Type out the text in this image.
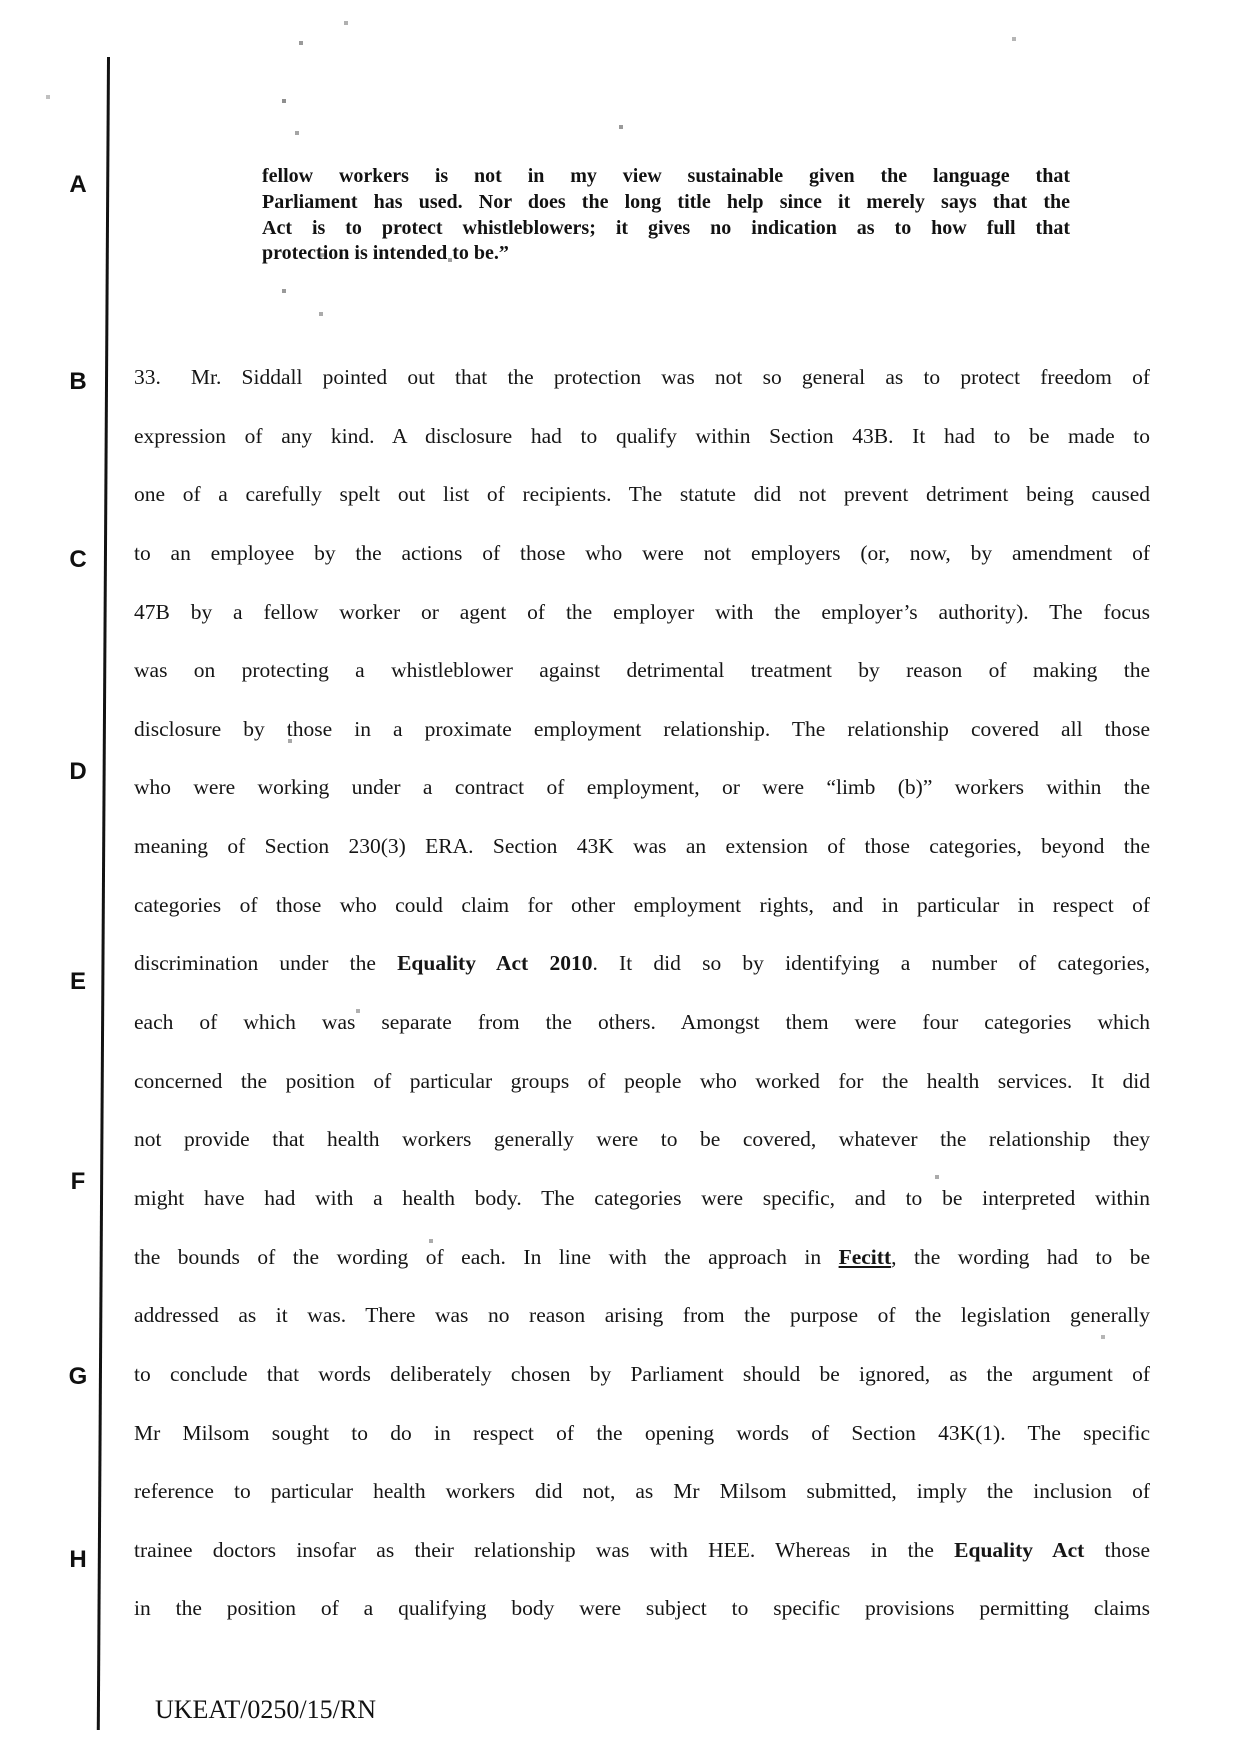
A
B
C
D
E
F
G
H
fellow workers is not in my view sustainable given the language that
Parliament has used. Nor does the long title help since it merely says that the
Act is to protect whistleblowers; it gives no indication as to how full that
protection is intended to be.”
33. Mr. Siddall pointed out that the protection was not so general as to protect freedom of
expression of any kind. A disclosure had to qualify within Section 43B. It had to be made to
one of a carefully spelt out list of recipients. The statute did not prevent detriment being caused
to an employee by the actions of those who were not employers (or, now, by amendment of
47B by a fellow worker or agent of the employer with the employer’s authority). The focus
was on protecting a whistleblower against detrimental treatment by reason of making the
disclosure by those in a proximate employment relationship. The relationship covered all those
who were working under a contract of employment, or were “limb (b)” workers within the
meaning of Section 230(3) ERA. Section 43K was an extension of those categories, beyond the
categories of those who could claim for other employment rights, and in particular in respect of
discrimination under the Equality Act 2010. It did so by identifying a number of categories,
each of which was separate from the others. Amongst them were four categories which
concerned the position of particular groups of people who worked for the health services. It did
not provide that health workers generally were to be covered, whatever the relationship they
might have had with a health body. The categories were specific, and to be interpreted within
the bounds of the wording of each. In line with the approach in Fecitt, the wording had to be
addressed as it was. There was no reason arising from the purpose of the legislation generally
to conclude that words deliberately chosen by Parliament should be ignored, as the argument of
Mr Milsom sought to do in respect of the opening words of Section 43K(1). The specific
reference to particular health workers did not, as Mr Milsom submitted, imply the inclusion of
trainee doctors insofar as their relationship was with HEE. Whereas in the Equality Act those
in the position of a qualifying body were subject to specific provisions permitting claims
UKEAT/0250/15/RN
